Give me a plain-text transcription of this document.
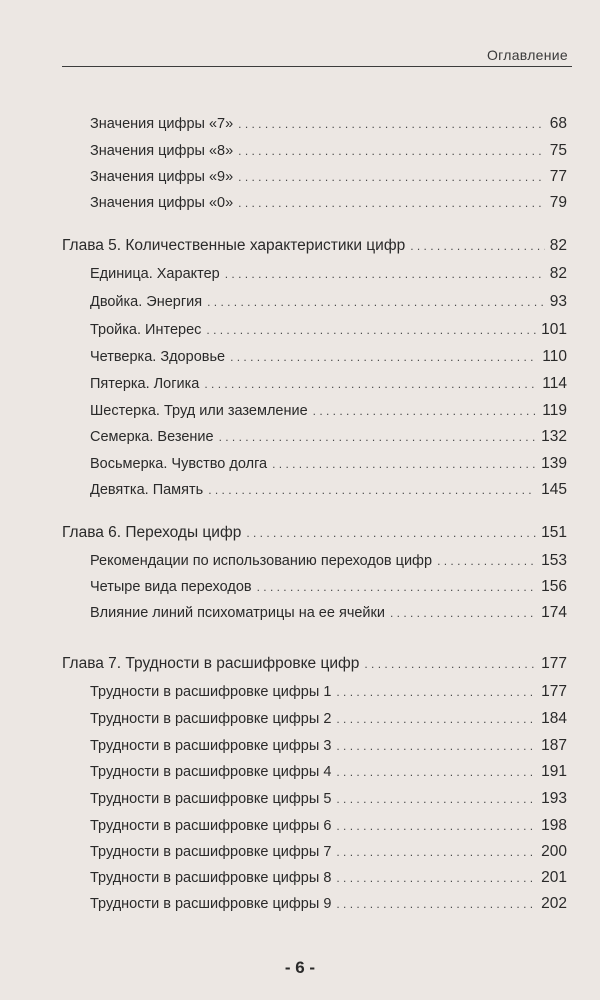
Оглавление
Значения цифры «7» . . .	68
Значения цифры «8» . . .	75
Значения цифры «9» . . .	77
Значения цифры «0» . . .	79
Глава 5. Количественные характеристики цифр . . .	82
Единица. Характер . . .	82
Двойка. Энергия . . .	93
Тройка. Интерес . . .	101
Четверка. Здоровье . . .	110
Пятерка. Логика . . .	114
Шестерка. Труд или заземление . . .	119
Семерка. Везение . . .	132
Восьмерка. Чувство долга . . .	139
Девятка. Память . . .	145
Глава 6. Переходы цифр . . .	151
Рекомендации по использованию переходов цифр . . .	153
Четыре вида переходов . . .	156
Влияние линий психоматрицы на ее ячейки . . .	174
Глава 7. Трудности в расшифровке цифр . . .	177
Трудности в расшифровке цифры 1 . . .	177
Трудности в расшифровке цифры 2 . . .	184
Трудности в расшифровке цифры 3 . . .	187
Трудности в расшифровке цифры 4 . . .	191
Трудности в расшифровке цифры 5 . . .	193
Трудности в расшифровке цифры 6 . . .	198
Трудности в расшифровке цифры 7 . . .	200
Трудности в расшифровке цифры 8 . . .	201
Трудности в расшифровке цифры 9 . . .	202
- 6 -
